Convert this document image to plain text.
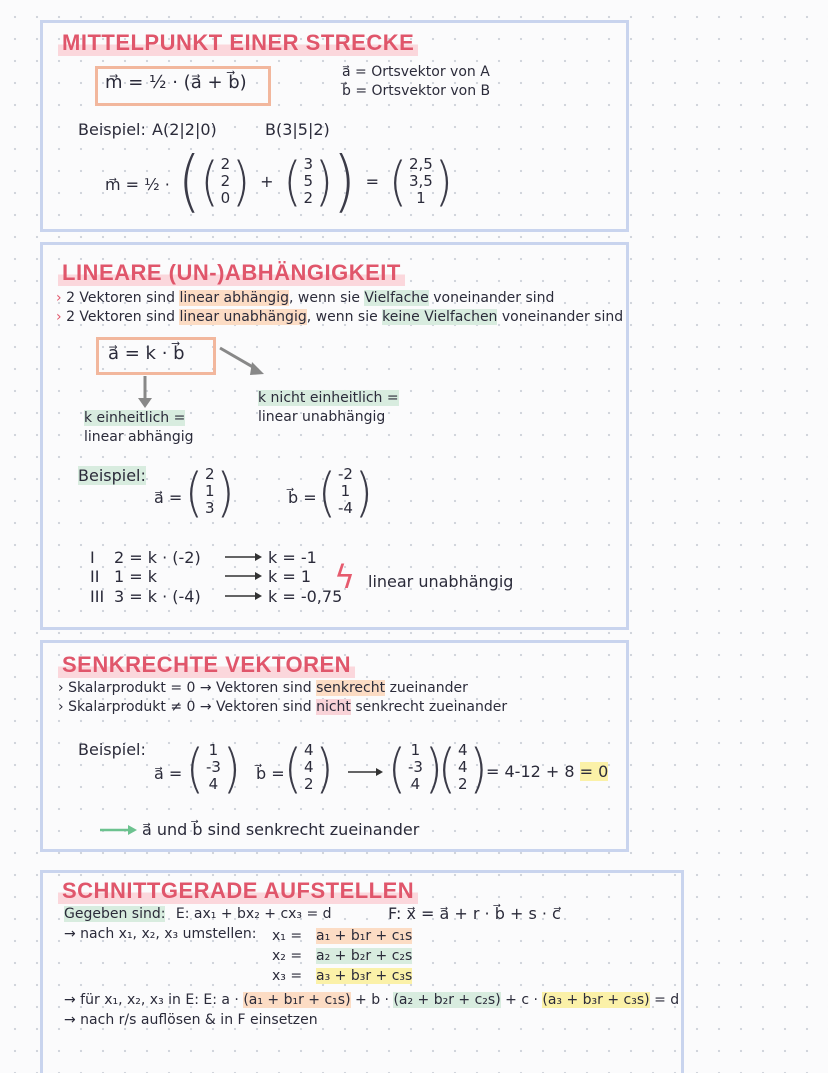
MITTELPUNKT EINER STRECKE
m⃗ = ½ · (a⃗ + b⃗)	a⃗ = Ortsvektor von A
b⃗ = Ortsvektor von B
Beispiel: A(2|2|0)	B(3|5|2)
m⃗ = ½ · ( ( 2
2
0 ) + ( 3
5
2 ) ) = ( 2,5
3,5
1 )
LINEARE (UN-)ABHÄNGIGKEIT
› 2 Vektoren sind linear abhängig, wenn sie Vielfache voneinander sind
› 2 Vektoren sind linear unabhängig, wenn sie keine Vielfachen voneinander sind
a⃗ = k · b⃗
k einheitlich =
linear abhängig
k nicht einheitlich =
linear unabhängig
Beispiel:
a⃗ = ( 2
1
3 )	b⃗ = ( -2
1
-4 )
I 2 = k · (-2)	k = -1
II 1 = k	k = 1
III 3 = k · (-4)	k = -0,75
ϟ linear unabhängig
SENKRECHTE VEKTOREN
› Skalarprodukt = 0 → Vektoren sind senkrecht zueinander
› Skalarprodukt ≠ 0 → Vektoren sind nicht senkrecht zueinander
Beispiel:
a⃗ = ( 1
-3
4 ) b⃗ = ( 4
4
2 ) ( 1
-3
4 )
( 4
4
2 )
= 4-12 + 8 = 0
a⃗ und b⃗ sind senkrecht zueinander
SCHNITTGERADE AUFSTELLEN
Gegeben sind: E: ax₁ + bx₂ + cx₃ = d	F: x⃗ = a⃗ + r · b⃗ + s · c⃗
→ nach x₁, x₂, x₃ umstellen: x₁ = a₁ + b₁r + c₁s
x₂ = a₂ + b₂r + c₂s
x₃ = a₃ + b₃r + c₃s
→ für x₁, x₂, x₃ in E: E: a · (a₁ + b₁r + c₁s) + b · (a₂ + b₂r + c₂s) + c · (a₃ + b₃r + c₃s) = d
→ nach r/s auflösen & in F einsetzen
